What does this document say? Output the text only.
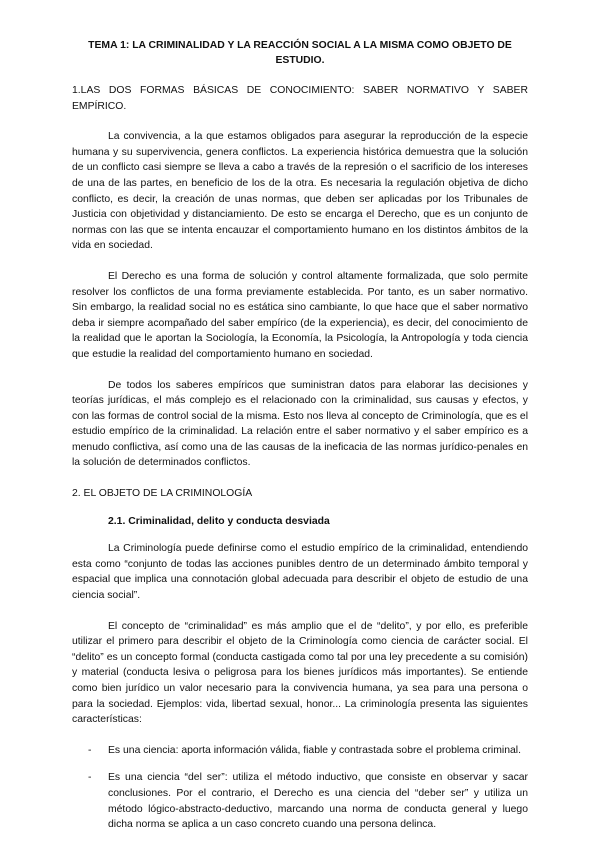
TEMA 1: LA CRIMINALIDAD Y LA REACCIÓN SOCIAL A LA MISMA COMO OBJETO DE ESTUDIO.
1.LAS DOS FORMAS BÁSICAS DE CONOCIMIENTO: SABER NORMATIVO Y SABER EMPÍRICO.

La convivencia, a la que estamos obligados para asegurar la reproducción de la especie humana y su supervivencia, genera conflictos. La experiencia histórica demuestra que la solución de un conflicto casi siempre se lleva a cabo a través de la represión o el sacrificio de los intereses de una de las partes, en beneficio de los de la otra. Es necesaria la regulación objetiva de dicho conflicto, es decir, la creación de unas normas, que deben ser aplicadas por los Tribunales de Justicia con objetividad y distanciamiento. De esto se encarga el Derecho, que es un conjunto de normas con las que se intenta encauzar el comportamiento humano en los distintos ámbitos de la vida en sociedad.

El Derecho es una forma de solución y control altamente formalizada, que solo permite resolver los conflictos de una forma previamente establecida. Por tanto, es un saber normativo. Sin embargo, la realidad social no es estática sino cambiante, lo que hace que el saber normativo deba ir siempre acompañado del saber empírico (de la experiencia), es decir, del conocimiento de la realidad que le aportan la Sociología, la Economía, la Psicología, la Antropología y toda ciencia que estudie la realidad del comportamiento humano en sociedad.

De todos los saberes empíricos que suministran datos para elaborar las decisiones y teorías jurídicas, el más complejo es el relacionado con la criminalidad, sus causas y efectos, y con las formas de control social de la misma. Esto nos lleva al concepto de Criminología, que es el estudio empírico de la criminalidad. La relación entre el saber normativo y el saber empírico es a menudo conflictiva, así como una de las causas de la ineficacia de las normas jurídico-penales en la solución de determinados conflictos.

2. EL OBJETO DE LA CRIMINOLOGÍA
2.1. Criminalidad, delito y conducta desviada

La Criminología puede definirse como el estudio empírico de la criminalidad, entendiendo esta como “conjunto de todas las acciones punibles dentro de un determinado ámbito temporal y espacial que implica una connotación global adecuada para describir el objeto de estudio de una ciencia social”.

El concepto de “criminalidad” es más amplio que el de “delito”, y por ello, es preferible utilizar el primero para describir el objeto de la Criminología como ciencia de carácter social. El “delito” es un concepto formal (conducta castigada como tal por una ley precedente a su comisión) y material (conducta lesiva o peligrosa para los bienes jurídicos más importantes). Se entiende como bien jurídico un valor necesario para la convivencia humana, ya sea para una persona o para la sociedad. Ejemplos: vida, libertad sexual, honor... La criminología presenta las siguientes características:

- Es una ciencia: aporta información válida, fiable y contrastada sobre el problema criminal.
- Es una ciencia “del ser”: utiliza el método inductivo, que consiste en observar y sacar conclusiones. Por el contrario, el Derecho es una ciencia del “deber ser” y utiliza un método lógico-abstracto-deductivo, marcando una norma de conducta general y luego dicha norma se aplica a un caso concreto cuando una persona delinca.
